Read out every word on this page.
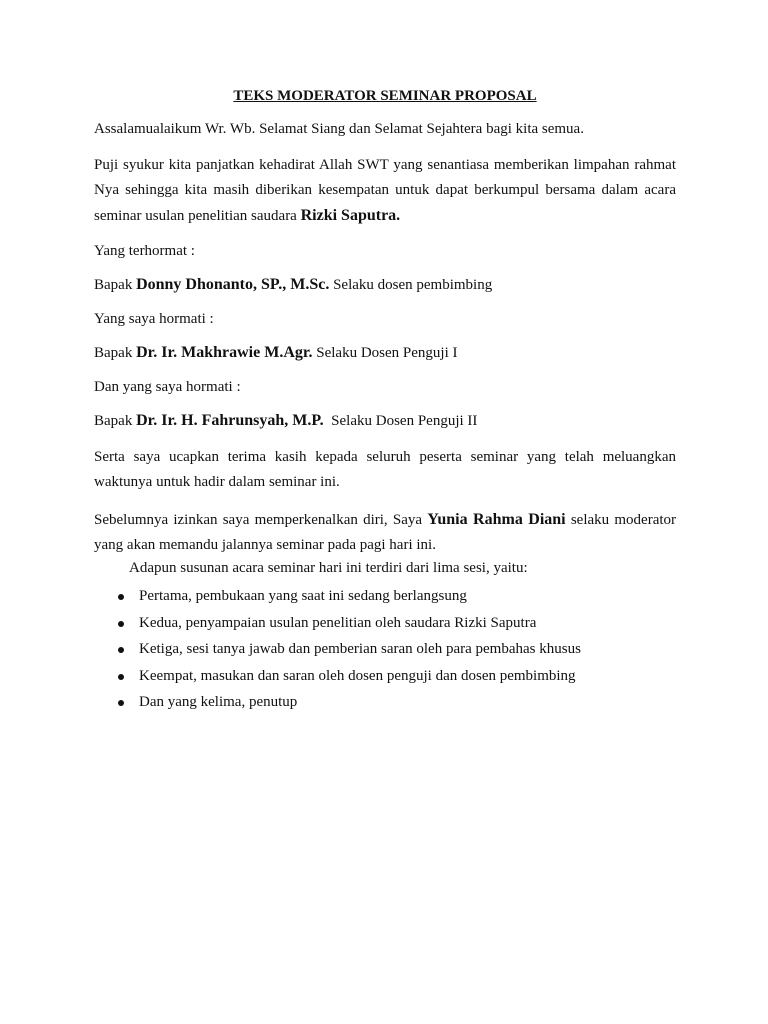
TEKS MODERATOR SEMINAR PROPOSAL

Assalamualaikum Wr. Wb. Selamat Siang dan Selamat Sejahtera bagi kita semua.

Puji syukur kita panjatkan kehadirat Allah SWT yang senantiasa memberikan limpahan rahmat Nya sehingga kita masih diberikan kesempatan untuk dapat berkumpul bersama dalam acara seminar usulan penelitian saudara Rizki Saputra.

Yang terhormat :

Bapak Donny Dhonanto, SP., M.Sc. Selaku dosen pembimbing

Yang saya hormati :

Bapak Dr. Ir. Makhrawie M.Agr. Selaku Dosen Penguji I

Dan yang saya hormati :

Bapak Dr. Ir. H. Fahrunsyah, M.P. Selaku Dosen Penguji II

Serta saya ucapkan terima kasih kepada seluruh peserta seminar yang telah meluangkan waktunya untuk hadir dalam seminar ini.

Sebelumnya izinkan saya memperkenalkan diri, Saya Yunia Rahma Diani selaku moderator yang akan memandu jalannya seminar pada pagi hari ini.

Adapun susunan acara seminar hari ini terdiri dari lima sesi, yaitu:

Pertama, pembukaan yang saat ini sedang berlangsung
Kedua, penyampaian usulan penelitian oleh saudara Rizki Saputra
Ketiga, sesi tanya jawab dan pemberian saran oleh para pembahas khusus
Keempat, masukan dan saran oleh dosen penguji dan dosen pembimbing
Dan yang kelima, penutup
